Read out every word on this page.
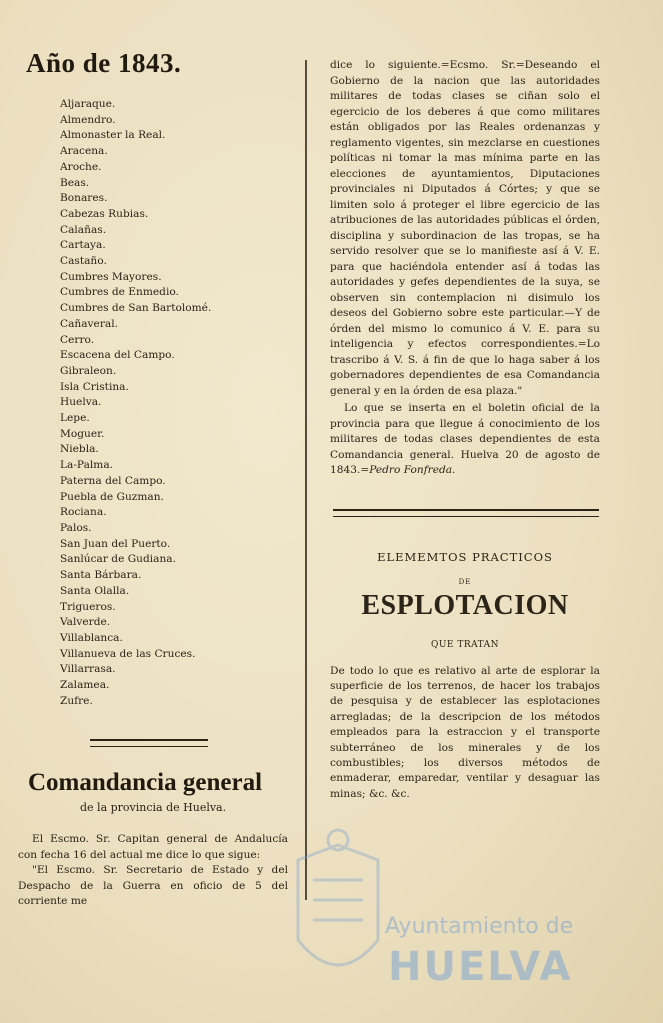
Año de 1843.
Aljaraque.
Almendro.
Almonaster la Real.
Aracena.
Aroche.
Beas.
Bonares.
Cabezas Rubias.
Calañas.
Cartaya.
Castaño.
Cumbres Mayores.
Cumbres de Enmedio.
Cumbres de San Bartolomé.
Cañaveral.
Cerro.
Escacena del Campo.
Gibraleon.
Isla Cristina.
Huelva.
Lepe.
Moguer.
Niebla.
La-Palma.
Paterna del Campo.
Puebla de Guzman.
Rociana.
Palos.
San Juan del Puerto.
Sanlúcar de Gudiana.
Santa Bárbara.
Santa Olalla.
Trigueros.
Valverde.
Villablanca.
Villanueva de las Cruces.
Villarrasa.
Zalamea.
Zufre.
Comandancia general
de la provincia de Huelva.
El Escmo. Sr. Capitan general de Andalucía con fecha 16 del actual me dice lo que sigue:
"El Escmo. Sr. Secretario de Estado y del Despacho de la Guerra en oficio de 5 del corriente me

dice lo siguiente.=Ecsmo. Sr.=Deseando el Gobierno de la nacion que las autoridades militares de todas clases se ciñan solo el egercicio de los deberes á que como militares están obligados por las Reales ordenanzas y reglamento vigentes, sin mezclarse en cuestiones políticas ni tomar la mas mínima parte en las elecciones de ayuntamientos, Diputaciones provinciales ni Diputados á Córtes; y que se limiten solo á proteger el libre egercicio de las atribuciones de las autoridades públicas el órden, disciplina y subordinacion de las tropas, se ha servido resolver que se lo manifieste así á V. E. para que haciéndola entender así á todas las autoridades y gefes dependientes de la suya, se observen sin contemplacion ni disimulo los deseos del Gobierno sobre este particular.—Y de órden del mismo lo comunico á V. E. para su inteligencia y efectos correspondientes.=Lo trascribo á V. S. á fin de que lo haga saber á los gobernadores dependientes de esa Comandancia general y en la órden de esa plaza."

Lo que se inserta en el boletin oficial de la provincia para que llegue á conocimiento de los militares de todas clases dependientes de esta Comandancia general. Huelva 20 de agosto de 1843.=Pedro Fonfreda.

ELEMEMTOS PRACTICOS
DE
ESPLOTACION
QUE TRATAN
De todo lo que es relativo al arte de esplorar la superficie de los terrenos, de hacer los trabajos de pesquisa y de establecer las esplotaciones arregladas; de la descripcion de los métodos empleados para la estraccion y el transporte subterráneo de los minerales y de los combustibles; los diversos métodos de enmaderar, emparedar, ventilar y desaguar las minas; &c. &c.
Ayuntamiento de
HUELVA
